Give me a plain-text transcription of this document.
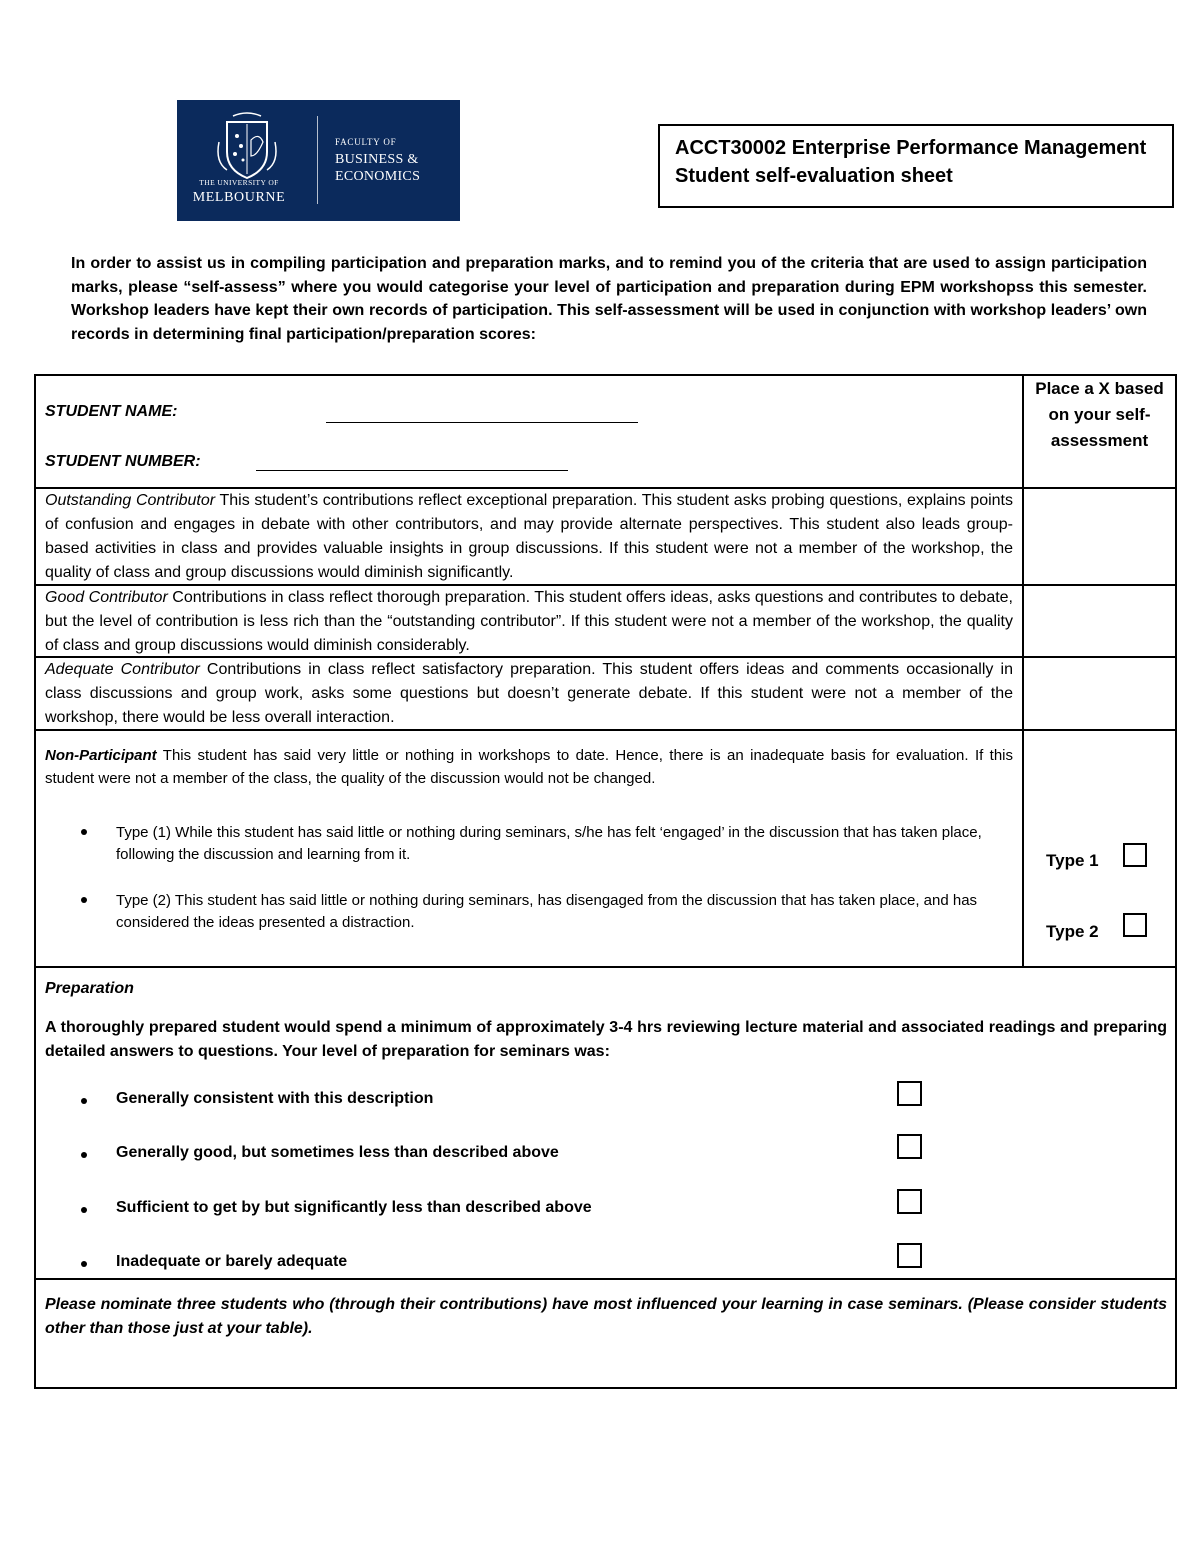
THE UNIVERSITY OF
MELBOURNE
FACULTY OF
BUSINESS &
ECONOMICS
ACCT30002 Enterprise Performance Management
Student self-evaluation sheet
In order to assist us in compiling participation and preparation marks, and to remind you of the criteria that are used to assign participation marks, please “self-assess” where you would categorise your level of participation and preparation during EPM workshopss this semester. Workshop leaders have kept their own records of participation. This self-assessment will be used in conjunction with workshop leaders’ own records in determining final participation/preparation scores:
STUDENT NAME:
STUDENT NUMBER:
Place a X based on your self-assessment
Outstanding Contributor This student’s contributions reflect exceptional preparation. This student asks probing questions, explains points of confusion and engages in debate with other contributors, and may provide alternate perspectives. This student also leads group-based activities in class and provides valuable insights in group discussions. If this student were not a member of the workshop, the quality of class and group discussions would diminish significantly.
Good Contributor Contributions in class reflect thorough preparation. This student offers ideas, asks questions and contributes to debate, but the level of contribution is less rich than the “outstanding contributor”. If this student were not a member of the workshop, the quality of class and group discussions would diminish considerably.
Adequate Contributor Contributions in class reflect satisfactory preparation. This student offers ideas and comments occasionally in class discussions and group work, asks some questions but doesn’t generate debate. If this student were not a member of the workshop, there would be less overall interaction.
Non-Participant This student has said very little or nothing in workshops to date. Hence, there is an inadequate basis for evaluation. If this student were not a member of the class, the quality of the discussion would not be changed.
Type (1) While this student has said little or nothing during seminars, s/he has felt ‘engaged’ in the discussion that has taken place, following the discussion and learning from it.
Type (2) This student has said little or nothing during seminars, has disengaged from the discussion that has taken place, and has considered the ideas presented a distraction.
Type 1
Type 2
Preparation
A thoroughly prepared student would spend a minimum of approximately 3-4 hrs reviewing lecture material and associated readings and preparing detailed answers to questions. Your level of preparation for seminars was:
Generally consistent with this description
Generally good, but sometimes less than described above
Sufficient to get by but significantly less than described above
Inadequate or barely adequate
Please nominate three students who (through their contributions) have most influenced your learning in case seminars. (Please consider students other than those just at your table).
